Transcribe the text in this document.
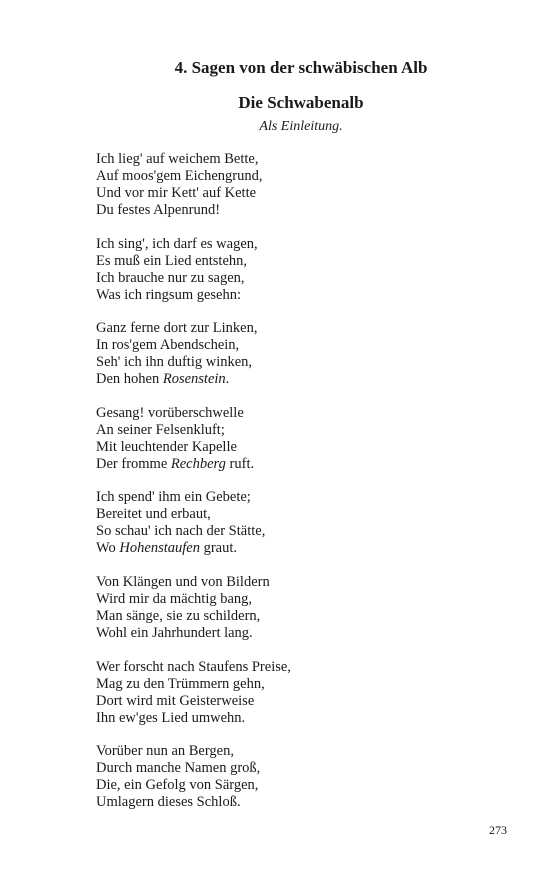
4. Sagen von der schwäbischen Alb
Die Schwabenalb
Als Einleitung.
Ich lieg' auf weichem Bette,
Auf moos'gem Eichengrund,
Und vor mir Kett' auf Kette
Du festes Alpenrund!
Ich sing', ich darf es wagen,
Es muß ein Lied entstehn,
Ich brauche nur zu sagen,
Was ich ringsum gesehn:
Ganz ferne dort zur Linken,
In ros'gem Abendschein,
Seh' ich ihn duftig winken,
Den hohen Rosenstein.
Gesang! vorüberschwelle
An seiner Felsenkluft;
Mit leuchtender Kapelle
Der fromme Rechberg ruft.
Ich spend' ihm ein Gebete;
Bereitet und erbaut,
So schau' ich nach der Stätte,
Wo Hohenstaufen graut.
Von Klängen und von Bildern
Wird mir da mächtig bang,
Man sänge, sie zu schildern,
Wohl ein Jahrhundert lang.
Wer forscht nach Staufens Preise,
Mag zu den Trümmern gehn,
Dort wird mit Geisterweise
Ihn ew'ges Lied umwehn.
Vorüber nun an Bergen,
Durch manche Namen groß,
Die, ein Gefolg von Särgen,
Umlagern dieses Schloß.
273
